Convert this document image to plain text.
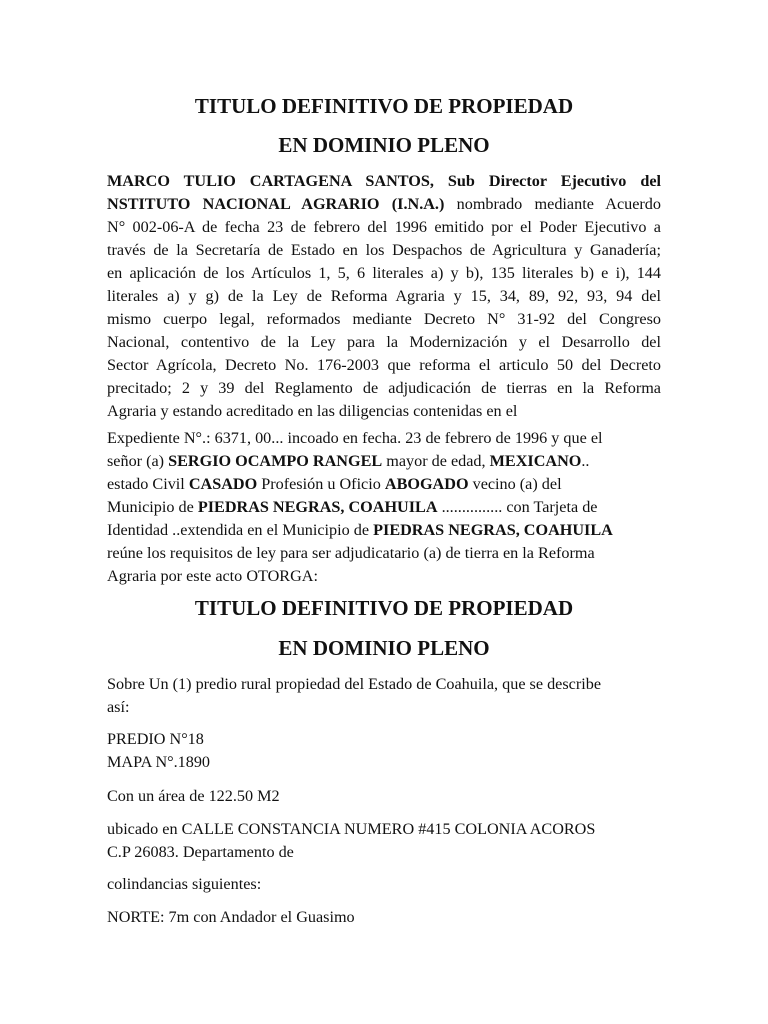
TITULO DEFINITIVO DE PROPIEDAD
EN DOMINIO PLENO
MARCO TULIO CARTAGENA SANTOS, Sub Director Ejecutivo del
NSTITUTO NACIONAL AGRARIO (I.N.A.) nombrado mediante Acuerdo
N° 002-06-A de fecha 23 de febrero del 1996 emitido por el Poder Ejecutivo a
través de la Secretaría de Estado en los Despachos de Agricultura y Ganadería;
en aplicación de los Artículos 1, 5, 6 literales a) y b), 135 literales b) e i), 144
literales a) y g) de la Ley de Reforma Agraria y 15, 34, 89, 92, 93, 94 del
mismo cuerpo legal, reformados mediante Decreto N° 31-92 del Congreso
Nacional, contentivo de la Ley para la Modernización y el Desarrollo del
Sector Agrícola, Decreto No. 176-2003 que reforma el articulo 50 del Decreto
precitado; 2 y 39 del Reglamento de adjudicación de tierras en la Reforma
Agraria y estando acreditado en las diligencias contenidas en el
Expediente N°.: 6371, 00... incoado en fecha. 23 de febrero de 1996 y que el
señor (a) SERGIO OCAMPO RANGEL mayor de edad, MEXICANO..
estado Civil CASADO Profesión u Oficio ABOGADO vecino (a) del
Municipio de PIEDRAS NEGRAS, COAHUILA ............... con Tarjeta de
Identidad ..extendida en el Municipio de PIEDRAS NEGRAS, COAHUILA
reúne los requisitos de ley para ser adjudicatario (a) de tierra en la Reforma
Agraria por este acto OTORGA:
TITULO DEFINITIVO DE PROPIEDAD
EN DOMINIO PLENO
Sobre Un (1) predio rural propiedad del Estado de Coahuila, que se describe
así:
PREDIO N°18
MAPA N°.1890
Con un área de 122.50 M2
ubicado en CALLE CONSTANCIA NUMERO #415 COLONIA ACOROS
C.P 26083. Departamento de
colindancias siguientes:
NORTE: 7m con Andador el Guasimo
